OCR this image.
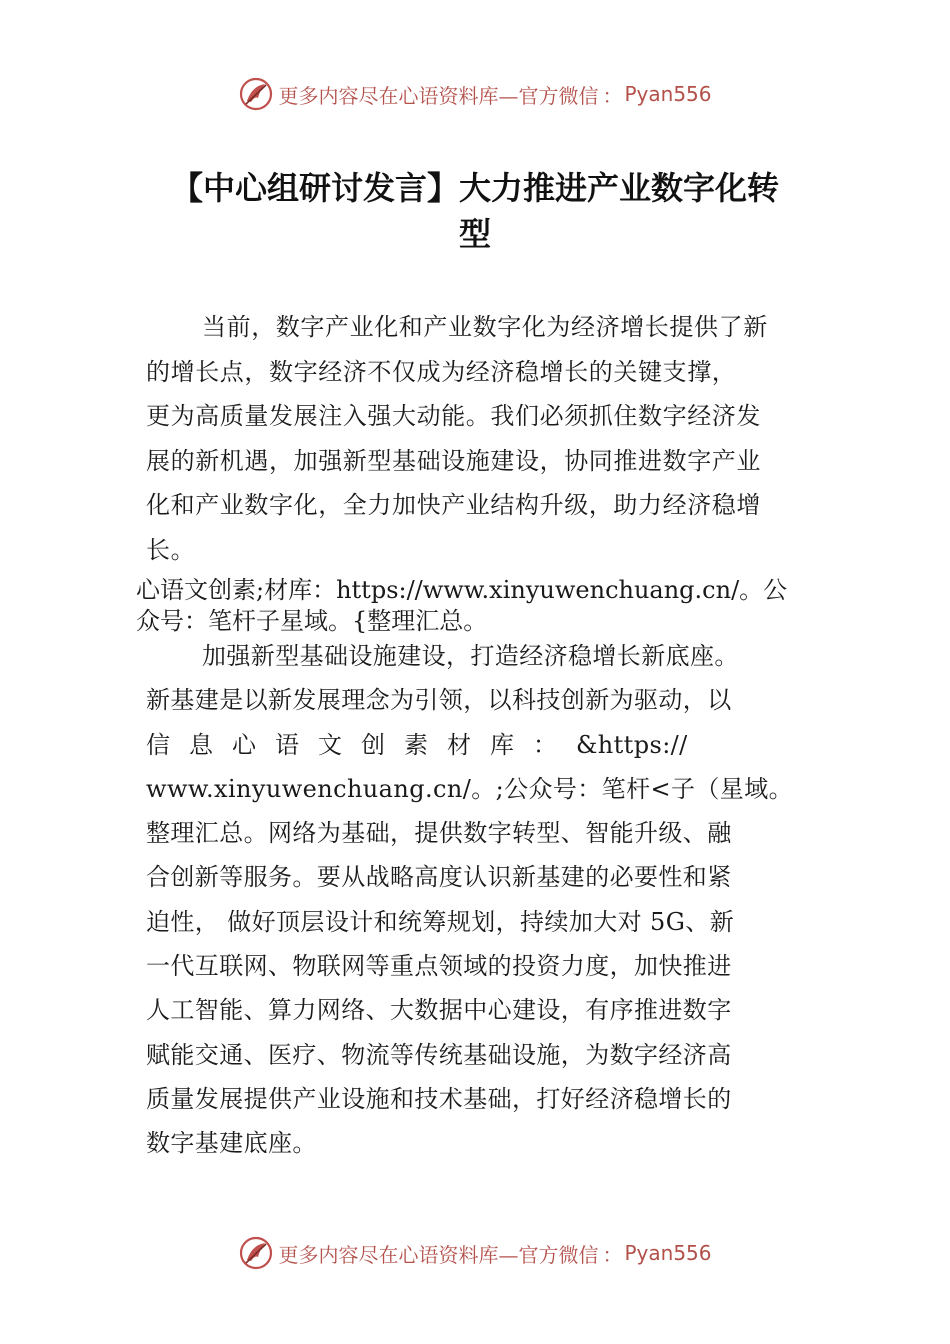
更多内容尽在心语资料库—官方微信 ： Pyan556
【中心组研讨发言】大力推进产业数字化转
型
当前，数字产业化和产业数字化为经济增长提供了新
的增长点，数字经济不仅成为经济稳增长的关键支撑，
更为高质量发展注入强大动能。我们必须抓住数字经济发
展的新机遇，加强新型基础设施建设，协同推进数字产业
化和产业数字化，全力加快产业结构升级，助力经济稳增
长。
心语文创素;材库：https://www.xinyuwenchuang.cn/。公
众号：笔杆子星域。{整理汇总。
加强新型基础设施建设，打造经济稳增长新底座。
新基建是以新发展理念为引领，以科技创新为驱动，以
信息心语文创素材库：&https://
www.xinyuwenchuang.cn/。;公众号：笔杆<子（星域。
整理汇总。网络为基础，提供数字转型、智能升级、融
合创新等服务。要从战略高度认识新基建的必要性和紧
迫性， 做好顶层设计和统筹规划，持续加大对 5G、新
一代互联网、物联网等重点领域的投资力度，加快推进
人工智能、算力网络、大数据中心建设，有序推进数字
赋能交通、医疗、物流等传统基础设施，为数字经济高
质量发展提供产业设施和技术基础，打好经济稳增长的
数字基建底座。
更多内容尽在心语资料库—官方微信 ： Pyan556
